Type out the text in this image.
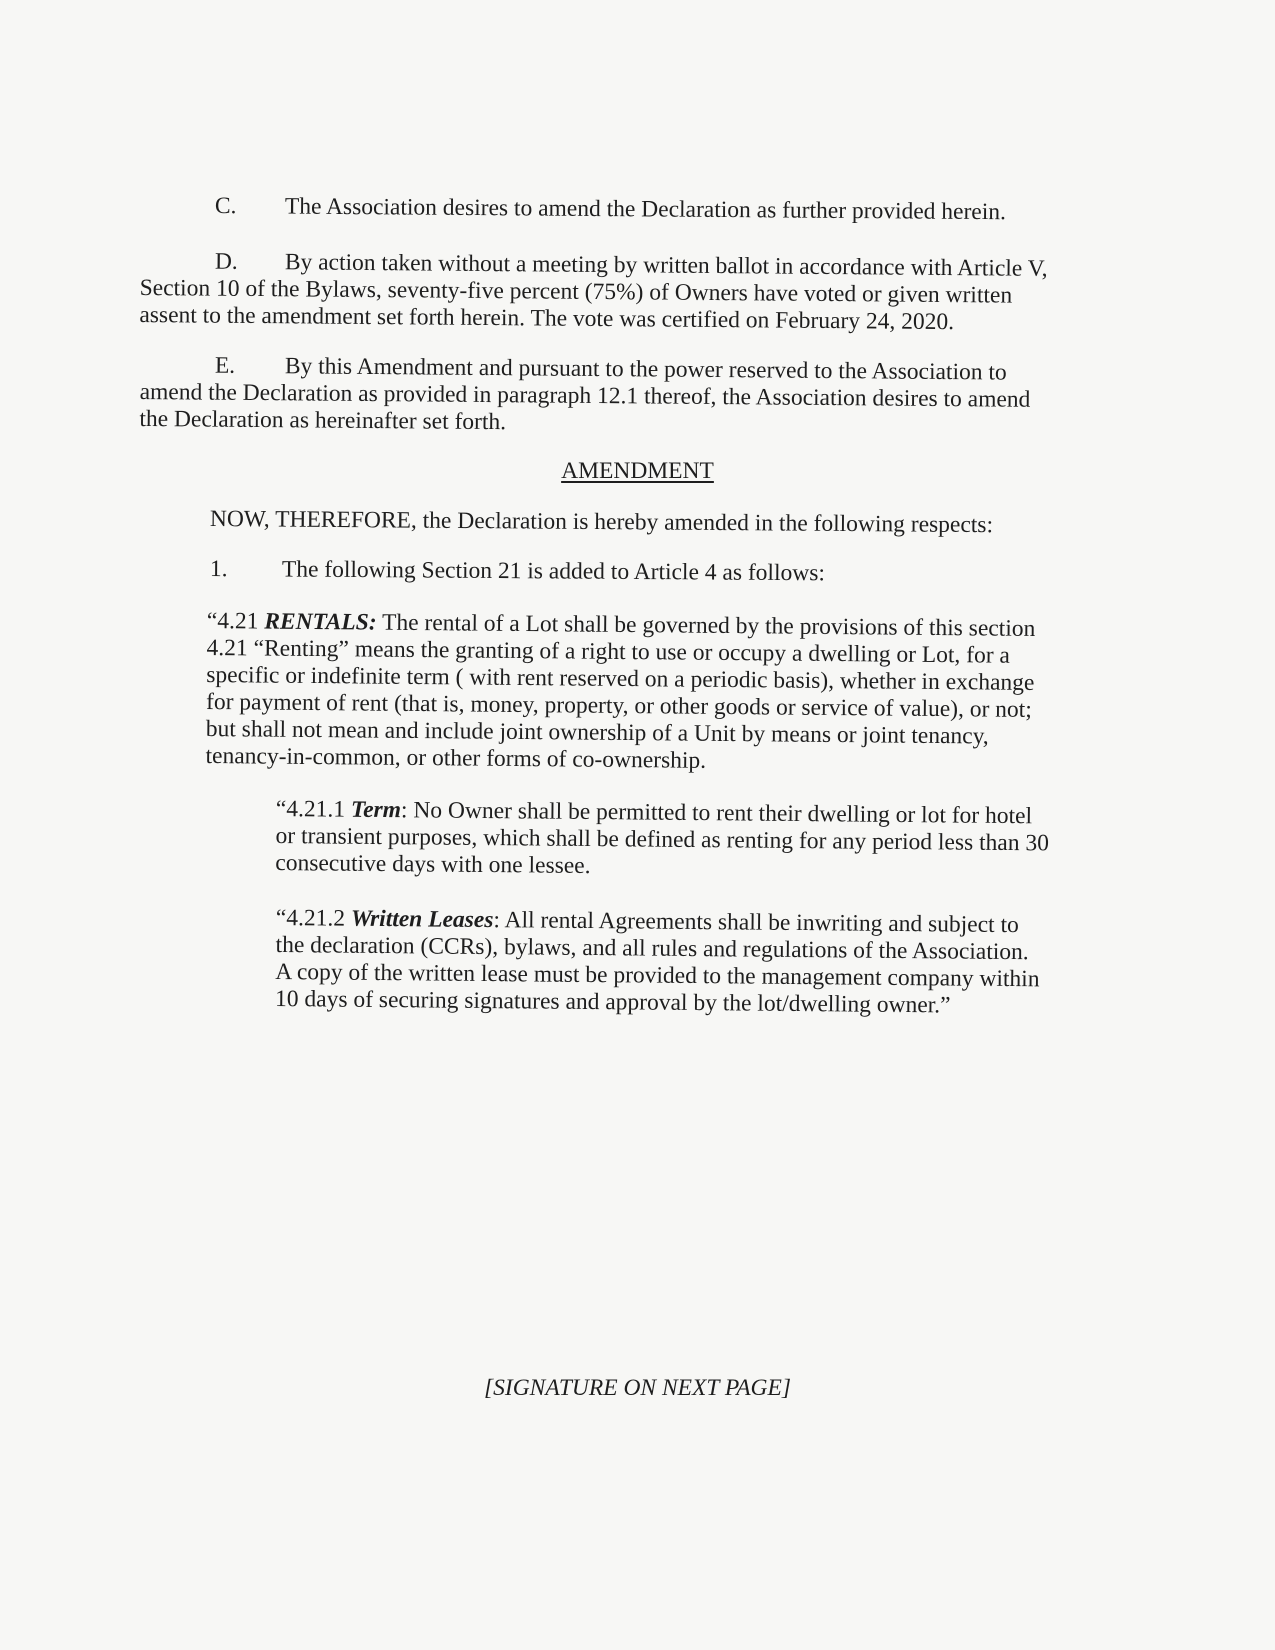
C. The Association desires to amend the Declaration as further provided herein.
D. By action taken without a meeting by written ballot in accordance with Article V,
Section 10 of the Bylaws, seventy-five percent (75%) of Owners have voted or given written
assent to the amendment set forth herein. The vote was certified on February 24, 2020.
E. By this Amendment and pursuant to the power reserved to the Association to
amend the Declaration as provided in paragraph 12.1 thereof, the Association desires to amend
the Declaration as hereinafter set forth.
AMENDMENT
NOW, THEREFORE, the Declaration is hereby amended in the following respects:
1. The following Section 21 is added to Article 4 as follows:
“4.21 RENTALS: The rental of a Lot shall be governed by the provisions of this section
4.21 “Renting” means the granting of a right to use or occupy a dwelling or Lot, for a
specific or indefinite term ( with rent reserved on a periodic basis), whether in exchange
for payment of rent (that is, money, property, or other goods or service of value), or not;
but shall not mean and include joint ownership of a Unit by means or joint tenancy,
tenancy-in-common, or other forms of co-ownership.
“4.21.1 Term: No Owner shall be permitted to rent their dwelling or lot for hotel
or transient purposes, which shall be defined as renting for any period less than 30
consecutive days with one lessee.
“4.21.2 Written Leases: All rental Agreements shall be inwriting and subject to
the declaration (CCRs), bylaws, and all rules and regulations of the Association.
A copy of the written lease must be provided to the management company within
10 days of securing signatures and approval by the lot/dwelling owner.”
[SIGNATURE ON NEXT PAGE]
